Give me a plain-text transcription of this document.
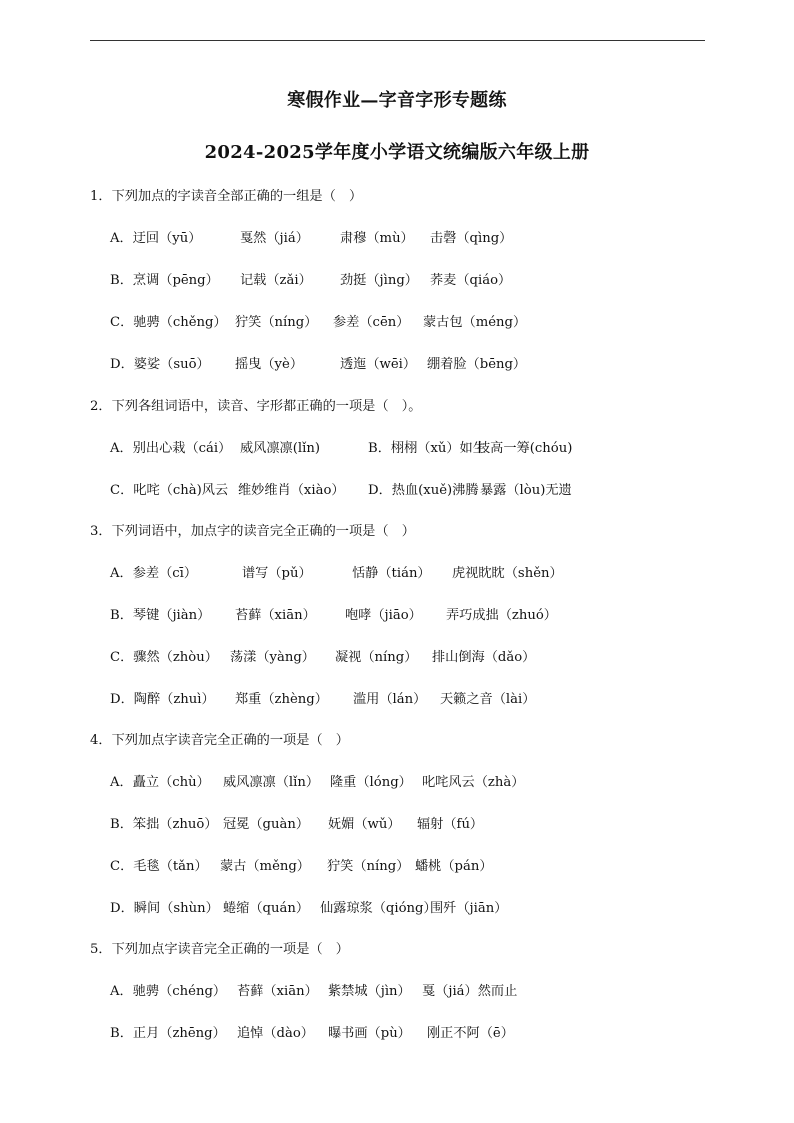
寒假作业—字音字形专题练
2024-2025学年度小学语文统编版六年级上册
1．下列加点的字读音全部正确的一组是（　）
A．迂回（yū）	戛然（jiá） 肃穆（mù） 击磬（qìng）
B．烹调（pēng） 记载（zǎi） 劲挺（jìng） 荞麦（qiáo）
C．驰骋（chěng） 狞笑（níng） 参差（cēn） 蒙古包（méng）
D．婆娑（suō） 摇曳（yè）	透迤（wēi） 绷着脸（bēng）
2．下列各组词语中，读音、字形都正确的一项是（　）。
A．别出心栽（cái） 威风凛凛(lǐn)	B．栩栩（xǔ）如生
技高一筹(chóu)
C．叱咤（chà)风云 维妙维肖（xiào） D．热血(xuě)沸腾 暴露（lòu)无遗
3．下列词语中，加点字的读音完全正确的一项是（　）
A．参差（cī）	谱写（pǔ）	恬静（tián） 虎视眈眈（shěn）
B．琴键（jiàn） 苔藓（xiān） 咆哮（jiāo） 弄巧成拙（zhuó）
C．骤然（zhòu） 荡漾（yàng） 凝视（níng） 排山倒海（dǎo）
D．陶醉（zhuì） 郑重（zhèng） 滥用（lán） 天籁之音（lài）
4．下列加点字读音完全正确的一项是（　）
A．矗立（chù） 威风凛凛（lǐn） 隆重（lóng） 叱咤风云（zhà）
B．笨拙（zhuō） 冠冕（guàn） 妩媚（wǔ） 辐射（fú）
C．毛毯（tǎn） 蒙古（měng） 狞笑（níng） 蟠桃（pán）
D．瞬间（shùn） 蜷缩（quán） 仙露琼浆（qióng）
围歼（jiān）
5．下列加点字读音完全正确的一项是（　）
A．驰骋（chéng） 苔藓（xiān） 紫禁城（jìn） 戛（jiá）然而止
B．正月（zhēng） 追悼（dào） 曝书画（pù） 刚正不阿（ē）
